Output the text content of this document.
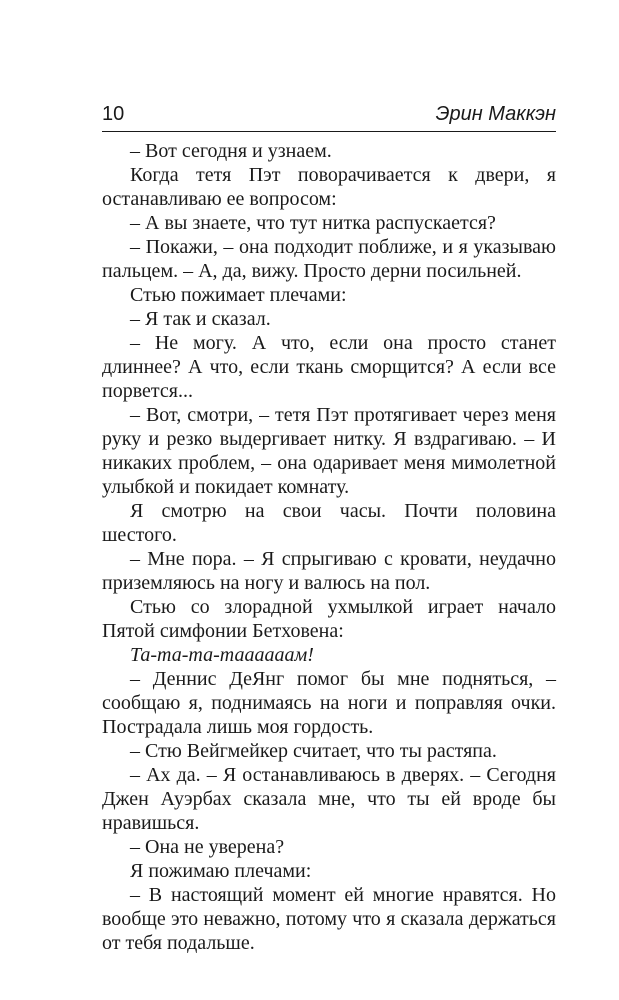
10	Эрин Маккэн

– Вот сегодня и узнаем.

Когда тетя Пэт поворачивается к двери, я останавливаю ее вопросом:

– А вы знаете, что тут нитка распускается?

– Покажи, – она подходит поближе, и я указываю пальцем. – А, да, вижу. Просто дерни посильней.

Стью пожимает плечами:

– Я так и сказал.

– Не могу. А что, если она просто станет длиннее? А что, если ткань сморщится? А если все порвется...

– Вот, смотри, – тетя Пэт протягивает через меня руку и резко выдергивает нитку. Я вздрагиваю. – И никаких проблем, – она одаривает меня мимолетной улыбкой и покидает комнату.

Я смотрю на свои часы. Почти половина шестого.

– Мне пора. – Я спрыгиваю с кровати, неудачно приземляюсь на ногу и валюсь на пол.

Стью со злорадной ухмылкой играет начало Пятой симфонии Бетховена:

Та-та-та-таааааам!

– Деннис ДеЯнг помог бы мне подняться, – сообщаю я, поднимаясь на ноги и поправляя очки. Пострадала лишь моя гордость.

– Стю Вейгмейкер считает, что ты растяпа.

– Ах да. – Я останавливаюсь в дверях. – Сегодня Джен Ауэрбах сказала мне, что ты ей вроде бы нравишься.

– Она не уверена?

Я пожимаю плечами:

– В настоящий момент ей многие нравятся. Но вообще это неважно, потому что я сказала держаться от тебя подальше.
